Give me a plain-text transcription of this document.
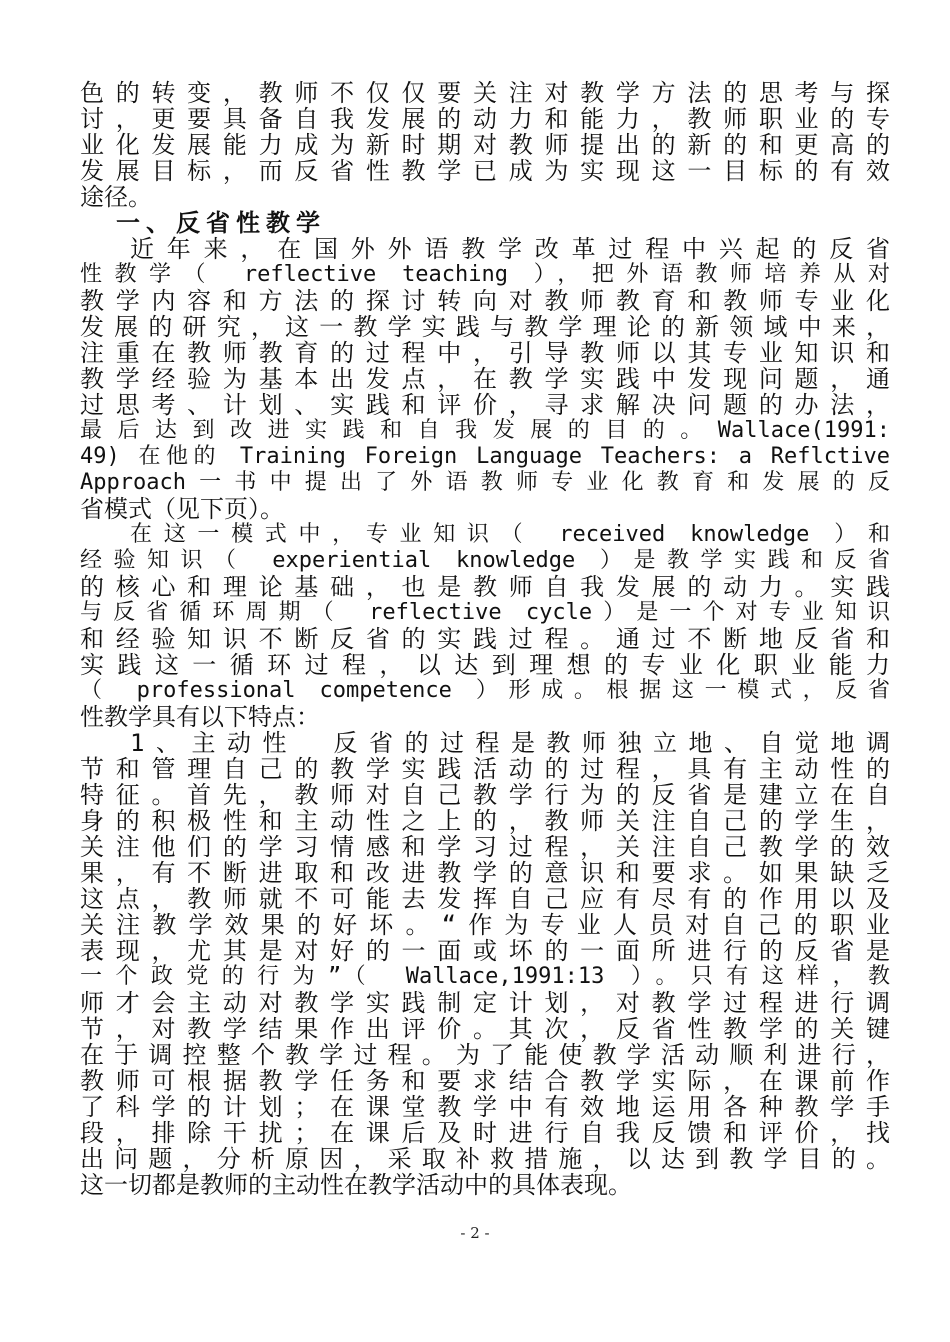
色的转变，教师不仅仅要关注对教学方法的思考与探
讨，更要具备自我发展的动力和能力，教师职业的专
业化发展能力成为新时期对教师提出的新的和更高的
发展目标，而反省性教学已成为实现这一目标的有效
途径。
一、反省性教学
近年来，在国外外语教学改革过程中兴起的反省
性教学（ reflective teaching ），把外语教师培养从对
教学内容和方法的探讨转向对教师教育和教师专业化
发展的研究，这一教学实践与教学理论的新领域中来，
注重在教师教育的过程中，引导教师以其专业知识和
教学经验为基本出发点，在教学实践中发现问题，通
过思考、计划、实践和评价，寻求解决问题的办法，
最后达到改进实践和自我发展的目的。Wallace(1991:
49) 在他的 Training Foreign Language Teachers: a Reflctive
Approach一书中提出了外语教师专业化教育和发展的反
省模式（见下页）。
在这一模式中，专业知识（ received knowledge ）和
经验知识（ experiential knowledge ）是教学实践和反省
的核心和理论基础，也是教师自我发展的动力。实践
与反省循环周期（ reflective cycle）是一个对专业知识
和经验知识不断反省的实践过程。通过不断地反省和
实践这一循环过程，以达到理想的专业化职业能力
（ professional competence ）形成。根据这一模式，反省
性教学具有以下特点：
1、主动性　反省的过程是教师独立地、自觉地调
节和管理自己的教学实践活动的过程，具有主动性的
特征。首先，教师对自己教学行为的反省是建立在自
身的积极性和主动性之上的，教师关注自己的学生，
关注他们的学习情感和学习过程，关注自己教学的效
果，有不断进取和改进教学的意识和要求。如果缺乏
这点，教师就不可能去发挥自己应有尽有的作用以及
关注教学效果的好坏。“作为专业人员对自己的职业
表现，尤其是对好的一面或坏的一面所进行的反省是
一个政党的行为”（ Wallace,1991:13 ）。只有这样，教
师才会主动对教学实践制定计划，对教学过程进行调
节，对教学结果作出评价。其次，反省性教学的关键
在于调控整个教学过程。为了能使教学活动顺利进行，
教师可根据教学任务和要求结合教学实际，在课前作
了科学的计划；在课堂教学中有效地运用各种教学手
段，排除干扰；在课后及时进行自我反馈和评价，找
出问题，分析原因，采取补救措施，以达到教学目的。
这一切都是教师的主动性在教学活动中的具体表现。
- 2 -
